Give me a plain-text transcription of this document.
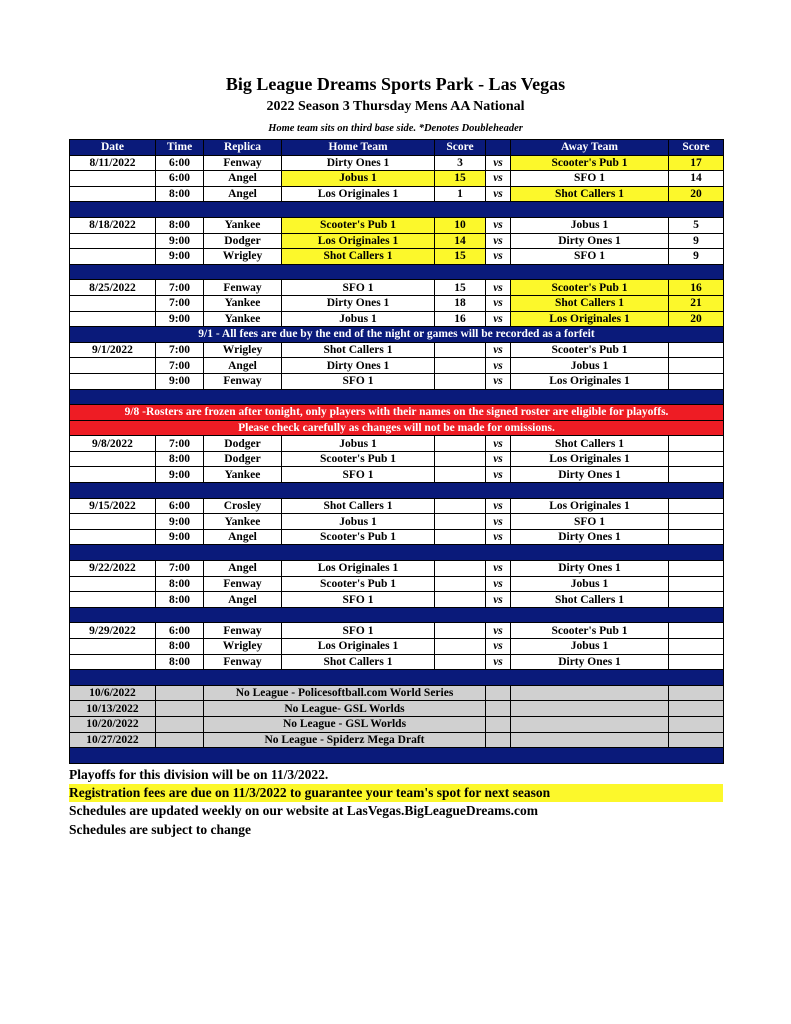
Big League Dreams Sports Park - Las Vegas
2022 Season 3 Thursday Mens AA National
Home team sits on third base side. *Denotes Doubleheader
Date	Time	Replica	Home Team	Score		Away Team	Score
8/11/2022	6:00	Fenway	Dirty Ones 1	3	vs	Scooter's Pub 1	17
	6:00	Angel	Jobus 1	15	vs	SFO 1	14
	8:00	Angel	Los Originales 1	1	vs	Shot Callers 1	20

8/18/2022	8:00	Yankee	Scooter's Pub 1	10	vs	Jobus 1	5
	9:00	Dodger	Los Originales 1	14	vs	Dirty Ones 1	9
	9:00	Wrigley	Shot Callers 1	15	vs	SFO 1	9

8/25/2022	7:00	Fenway	SFO 1	15	vs	Scooter's Pub 1	16
	7:00	Yankee	Dirty Ones 1	18	vs	Shot Callers 1	21
	9:00	Yankee	Jobus 1	16	vs	Los Originales 1	20
9/1 - All fees are due by the end of the night or games will be recorded as a forfeit							
9/1/2022	7:00	Wrigley	Shot Callers 1		vs	Scooter's Pub 1	
	7:00	Angel	Dirty Ones 1		vs	Jobus 1	
	9:00	Fenway	SFO 1		vs	Los Originales 1	

9/8 -Rosters are frozen after tonight, only players with their names on the signed roster are eligible for playoffs.							
Please check carefully as changes will not be made for omissions.							
9/8/2022	7:00	Dodger	Jobus 1		vs	Shot Callers 1	
	8:00	Dodger	Scooter's Pub 1		vs	Los Originales 1	
	9:00	Yankee	SFO 1		vs	Dirty Ones 1	

9/15/2022	6:00	Crosley	Shot Callers 1		vs	Los Originales 1	
	9:00	Yankee	Jobus 1		vs	SFO 1	
	9:00	Angel	Scooter's Pub 1		vs	Dirty Ones 1	

9/22/2022	7:00	Angel	Los Originales 1		vs	Dirty Ones 1	
	8:00	Fenway	Scooter's Pub 1		vs	Jobus 1	
	8:00	Angel	SFO 1		vs	Shot Callers 1	

9/29/2022	6:00	Fenway	SFO 1		vs	Scooter's Pub 1	
	8:00	Wrigley	Los Originales 1		vs	Jobus 1	
	8:00	Fenway	Shot Callers 1		vs	Dirty Ones 1	

10/6/2022		No League - Policesoftball.com World Series					
10/13/2022		No League- GSL Worlds					
10/20/2022		No League - GSL Worlds					
10/27/2022		No League - Spiderz Mega Draft					

Playoffs for this division will be on 11/3/2022.
Registration fees are due on 11/3/2022 to guarantee your team's spot for next season
Schedules are updated weekly on our website at LasVegas.BigLeagueDreams.com
Schedules are subject to change
